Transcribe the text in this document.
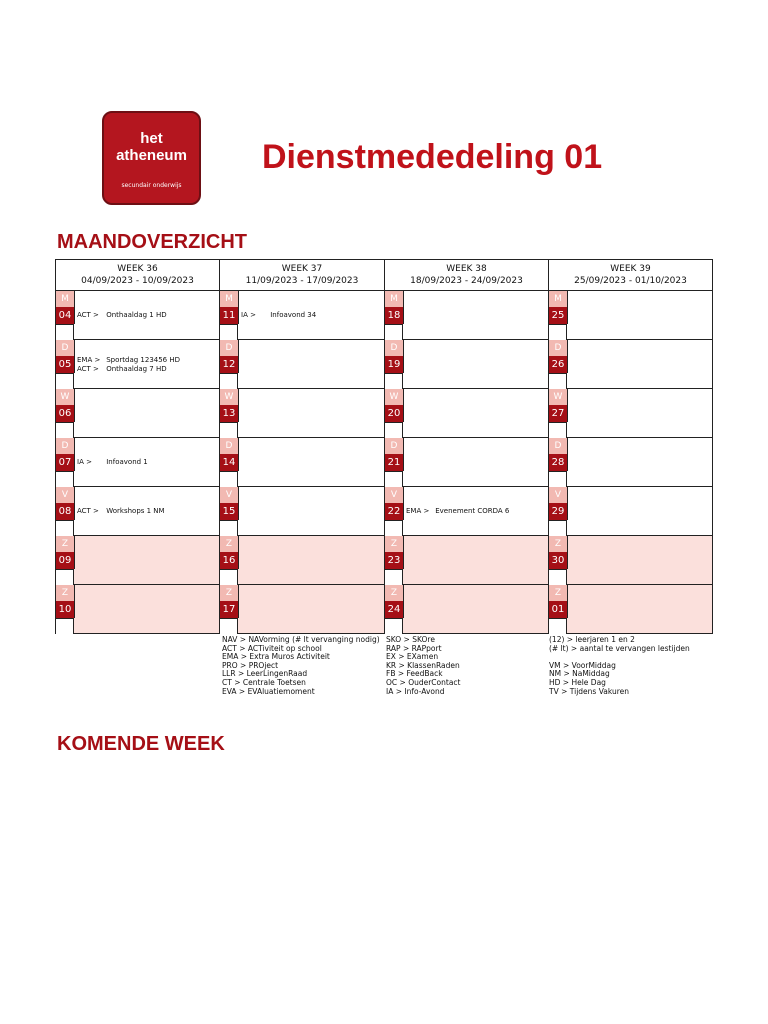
het
atheneum
secundair onderwijs
Dienstmededeling 01
MAANDOVERZICHT
WEEK 36
04/09/2023 - 10/09/2023
M
04 ACT > Onthaaldag 1 HD
D
05 EMA > Sportdag 123456 HD
ACT > Onthaaldag 7 HD
W
06
D
07 IA > Infoavond 1
V
08 ACT > Workshops 1 NM
Z
09
Z
10
WEEK 37
11/09/2023 - 17/09/2023
M
11 IA > Infoavond 34
D
12
W
13
D
14
V
15
Z
16
Z
17
WEEK 38
18/09/2023 - 24/09/2023
M
18
D
19
W
20
D
21
V
22 EMA > Evenement CORDA 6
Z
23
Z
24
WEEK 39
25/09/2023 - 01/10/2023
M
25
D
26
W
27
D
28
V
29
Z
30
Z
01
NAV > NAVorming (# lt vervanging nodig)
ACT > ACTiviteit op school
EMA > Extra Muros Activiteit
PRO > PROject
LLR > LeerLingenRaad
CT > Centrale Toetsen
EVA > EVAluatiemoment
SKO > SKOre
RAP > RAPport
EX > EXamen
KR > KlassenRaden
FB > FeedBack
OC > OuderContact
IA > Info-Avond
(12) > leerjaren 1 en 2
(# lt) > aantal te vervangen lestijden
VM > VoorMiddag
NM > NaMiddag
HD > Hele Dag
TV > Tijdens Vakuren
KOMENDE WEEK
